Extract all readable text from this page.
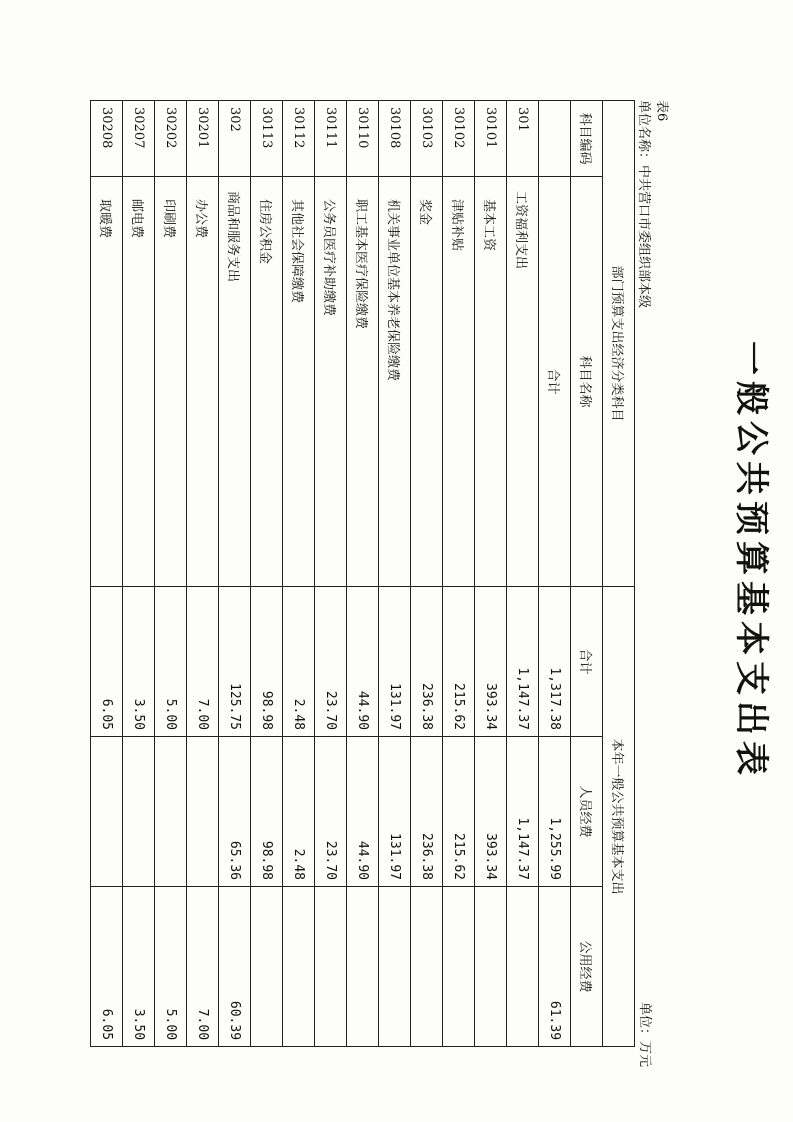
一般公共预算基本支出表
表6
单位名称：中共营口市委组织部本级
单位：万元
部门预算支出经济分类科目		本年一般公共预算基本支出		
科目编码	科目名称	合计	人员经费	公用经费
	合计	1,317.38	1,255.99	61.39
301	工资福利支出	1,147.37	1,147.37	
30101	基本工资	393.34	393.34	
30102	津贴补贴	215.62	215.62	
30103	奖金	236.38	236.38	
30108	机关事业单位基本养老保险缴费	131.97	131.97	
30110	职工基本医疗保险缴费	44.90	44.90	
30111	公务员医疗补助缴费	23.70	23.70	
30112	其他社会保障缴费	2.48	2.48	
30113	住房公积金	98.98	98.98	
302	商品和服务支出	125.75	65.36	60.39
30201	办公费	7.00		7.00
30202	印刷费	5.00		5.00
30207	邮电费	3.50		3.50
30208	取暖费	6.05		6.05
